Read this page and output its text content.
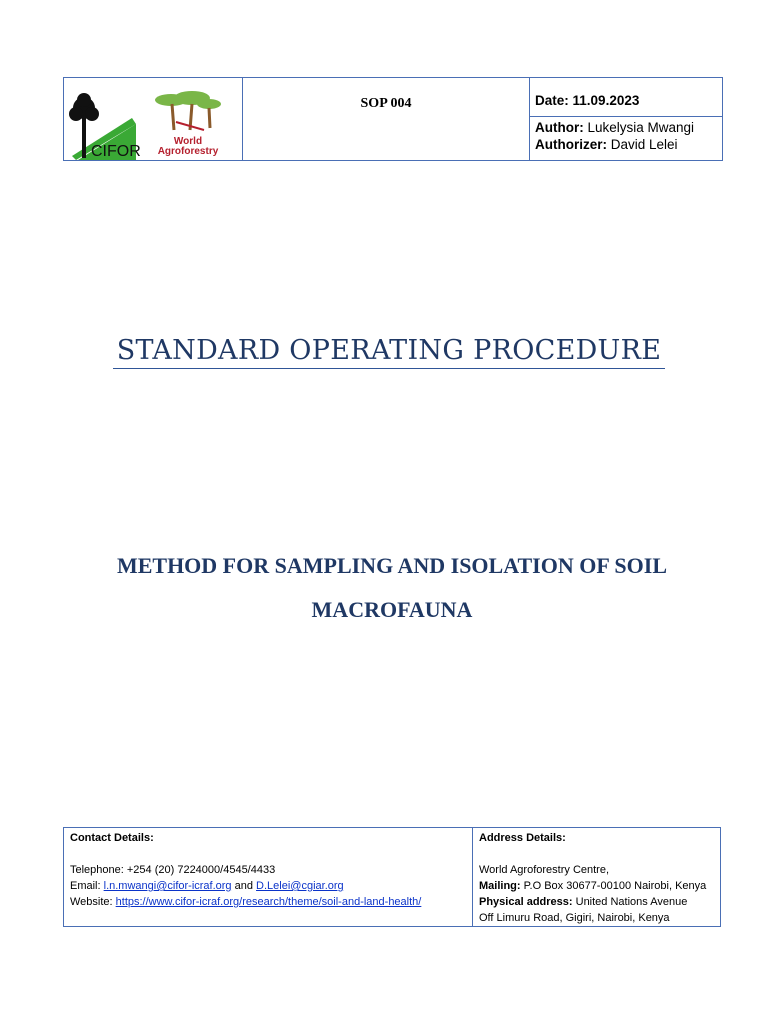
CIFOR
World
Agroforestry

SOP 004	Date: 11.09.2023
Author: Lukelysia Mwangi
Authorizer: David Lelei

STANDARD OPERATING PROCEDURE
METHOD FOR SAMPLING AND ISOLATION OF SOIL
MACROFAUNA
Contact Details:
Telephone: +254 (20) 7224000/4545/4433
Email: l.n.mwangi@cifor-icraf.org and D.Lelei@cgiar.org
Website: https://www.cifor-icraf.org/research/theme/soil-and-land-health/

Address Details:
World Agroforestry Centre,
Mailing: P.O Box 30677-00100 Nairobi, Kenya
Physical address: United Nations Avenue
Off Limuru Road, Gigiri, Nairobi, Kenya
